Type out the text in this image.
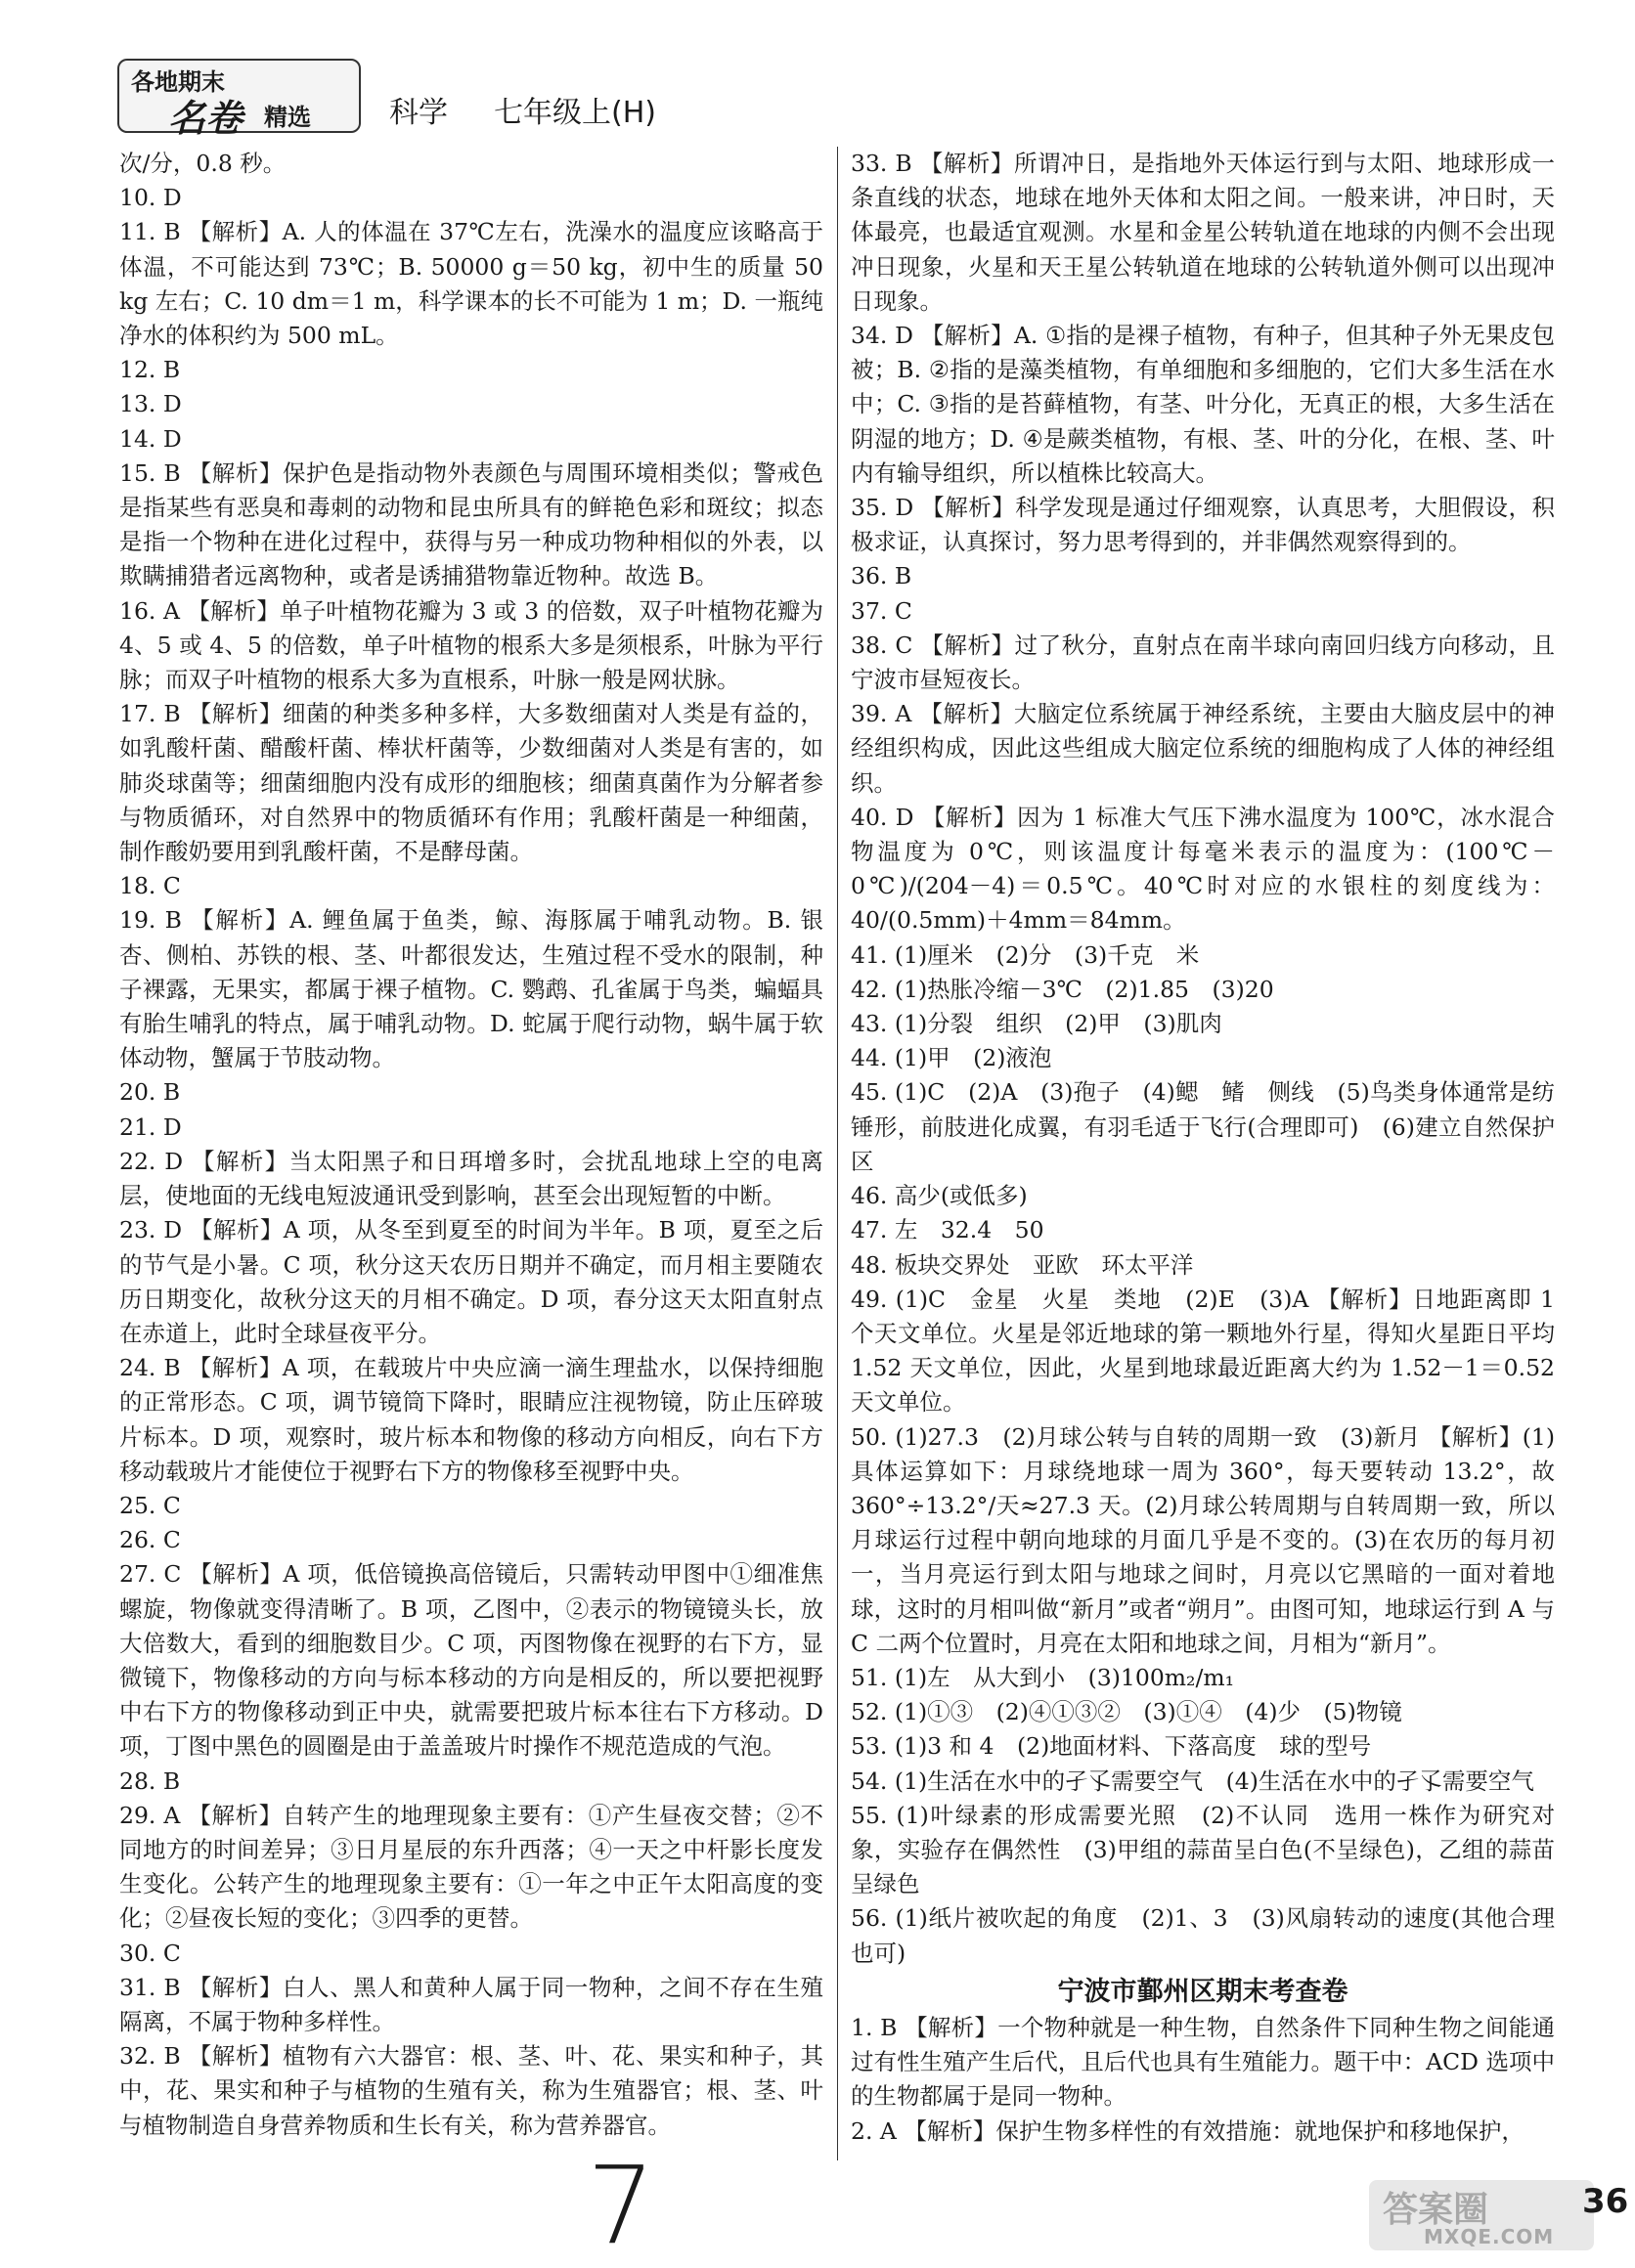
各地期末
名卷 精选	科学 七年级上(H)

次/分，0.8 秒。

10. D

11. B 【解析】A. 人的体温在 37℃左右，洗澡水的温度应该略高于体温，不可能达到 73℃；B. 50000 g＝50 kg，初中生的质量 50 kg 左右；C. 10 dm＝1 m，科学课本的长不可能为 1 m；D. 一瓶纯净水的体积约为 500 mL。

12. B

13. D

14. D

15. B 【解析】保护色是指动物外表颜色与周围环境相类似；警戒色是指某些有恶臭和毒刺的动物和昆虫所具有的鲜艳色彩和斑纹；拟态是指一个物种在进化过程中，获得与另一种成功物种相似的外表，以欺瞒捕猎者远离物种，或者是诱捕猎物靠近物种。故选 B。

16. A 【解析】单子叶植物花瓣为 3 或 3 的倍数，双子叶植物花瓣为 4、5 或 4、5 的倍数，单子叶植物的根系大多是须根系，叶脉为平行脉；而双子叶植物的根系大多为直根系，叶脉一般是网状脉。

17. B 【解析】细菌的种类多种多样，大多数细菌对人类是有益的，如乳酸杆菌、醋酸杆菌、棒状杆菌等，少数细菌对人类是有害的，如肺炎球菌等；细菌细胞内没有成形的细胞核；细菌真菌作为分解者参与物质循环，对自然界中的物质循环有作用；乳酸杆菌是一种细菌，制作酸奶要用到乳酸杆菌，不是酵母菌。

18. C

19. B 【解析】A. 鲤鱼属于鱼类，鲸、海豚属于哺乳动物。B. 银杏、侧柏、苏铁的根、茎、叶都很发达，生殖过程不受水的限制，种子裸露，无果实，都属于裸子植物。C. 鹦鹉、孔雀属于鸟类，蝙蝠具有胎生哺乳的特点，属于哺乳动物。D. 蛇属于爬行动物，蜗牛属于软体动物，蟹属于节肢动物。

20. B

21. D

22. D 【解析】当太阳黑子和日珥增多时，会扰乱地球上空的电离层，使地面的无线电短波通讯受到影响，甚至会出现短暂的中断。

23. D 【解析】A 项，从冬至到夏至的时间为半年。B 项，夏至之后的节气是小暑。C 项，秋分这天农历日期并不确定，而月相主要随农历日期变化，故秋分这天的月相不确定。D 项，春分这天太阳直射点在赤道上，此时全球昼夜平分。

24. B 【解析】A 项，在载玻片中央应滴一滴生理盐水，以保持细胞的正常形态。C 项，调节镜筒下降时，眼睛应注视物镜，防止压碎玻片标本。D 项，观察时，玻片标本和物像的移动方向相反，向右下方移动载玻片才能使位于视野右下方的物像移至视野中央。

25. C

26. C

27. C 【解析】A 项，低倍镜换高倍镜后，只需转动甲图中①细准焦螺旋，物像就变得清晰了。B 项，乙图中，②表示的物镜镜头长，放大倍数大，看到的细胞数目少。C 项，丙图物像在视野的右下方，显微镜下，物像移动的方向与标本移动的方向是相反的，所以要把视野中右下方的物像移动到正中央，就需要把玻片标本往右下方移动。D 项，丁图中黑色的圆圈是由于盖盖玻片时操作不规范造成的气泡。

28. B

29. A 【解析】自转产生的地理现象主要有：①产生昼夜交替；②不同地方的时间差异；③日月星辰的东升西落；④一天之中杆影长度发生变化。公转产生的地理现象主要有：①一年之中正午太阳高度的变化；②昼夜长短的变化；③四季的更替。

30. C

31. B 【解析】白人、黑人和黄种人属于同一物种，之间不存在生殖隔离，不属于物种多样性。

32. B 【解析】植物有六大器官：根、茎、叶、花、果实和种子，其中，花、果实和种子与植物的生殖有关，称为生殖器官；根、茎、叶与植物制造自身营养物质和生长有关，称为营养器官。

33. B 【解析】所谓冲日，是指地外天体运行到与太阳、地球形成一条直线的状态，地球在地外天体和太阳之间。一般来讲，冲日时，天体最亮，也最适宜观测。水星和金星公转轨道在地球的内侧不会出现冲日现象，火星和天王星公转轨道在地球的公转轨道外侧可以出现冲日现象。

34. D 【解析】A. ①指的是裸子植物，有种子，但其种子外无果皮包被；B. ②指的是藻类植物，有单细胞和多细胞的，它们大多生活在水中；C. ③指的是苔藓植物，有茎、叶分化，无真正的根，大多生活在阴湿的地方；D. ④是蕨类植物，有根、茎、叶的分化，在根、茎、叶内有输导组织，所以植株比较高大。

35. D 【解析】科学发现是通过仔细观察，认真思考，大胆假设，积极求证，认真探讨，努力思考得到的，并非偶然观察得到的。

36. B

37. C

38. C 【解析】过了秋分，直射点在南半球向南回归线方向移动，且宁波市昼短夜长。

39. A 【解析】大脑定位系统属于神经系统，主要由大脑皮层中的神经组织构成，因此这些组成大脑定位系统的细胞构成了人体的神经组织。

40. D 【解析】因为 1 标准大气压下沸水温度为 100℃，冰水混合物温度为 0℃，则该温度计每毫米表示的温度为：(100℃－0℃)/(204－4)＝0.5℃。40℃时对应的水银柱的刻度线为：40/(0.5mm)＋4mm＝84mm。

41. (1)厘米　(2)分　(3)千克　米

42. (1)热胀冷缩－3℃　(2)1.85　(3)20

43. (1)分裂　组织　(2)甲　(3)肌肉

44. (1)甲　(2)液泡

45. (1)C　(2)A　(3)孢子　(4)鳃　鳍　侧线　(5)鸟类身体通常是纺锤形，前肢进化成翼，有羽毛适于飞行(合理即可)　(6)建立自然保护区

46. 高少(或低多)

47. 左　32.4　50

48. 板块交界处　亚欧　环太平洋

49. (1)C　金星　火星　类地　(2)E　(3)A 【解析】日地距离即 1 个天文单位。火星是邻近地球的第一颗地外行星，得知火星距日平均 1.52 天文单位，因此，火星到地球最近距离大约为 1.52－1＝0.52 天文单位。

50. (1)27.3　(2)月球公转与自转的周期一致　(3)新月 【解析】(1)具体运算如下：月球绕地球一周为 360°，每天要转动 13.2°，故 360°÷13.2°/天≈27.3 天。(2)月球公转周期与自转周期一致，所以月球运行过程中朝向地球的月面几乎是不变的。(3)在农历的每月初一，当月亮运行到太阳与地球之间时，月亮以它黑暗的一面对着地球，这时的月相叫做“新月”或者“朔月”。由图可知，地球运行到 A 与 C 二两个位置时，月亮在太阳和地球之间，月相为“新月”。

51. (1)左　从大到小　(3)100m₂/m₁

52. (1)①③　(2)④①③②　(3)①④　(4)少　(5)物镜

53. (1)3 和 4　(2)地面材料、下落高度　球的型号

54. (1)生活在水中的孑孓需要空气　(4)生活在水中的孑孓需要空气

55. (1)叶绿素的形成需要光照　(2)不认同　选用一株作为研究对象，实验存在偶然性　(3)甲组的蒜苗呈白色(不呈绿色)，乙组的蒜苗呈绿色

56. (1)纸片被吹起的角度　(2)1、3　(3)风扇转动的速度(其他合理也可)

宁波市鄞州区期末考查卷

1. B 【解析】一个物种就是一种生物，自然条件下同种生物之间能通过有性生殖产生后代，且后代也具有生殖能力。题干中：ACD 选项中的生物都属于是同一物种。

2. A 【解析】保护生物多样性的有效措施：就地保护和移地保护，

7	答案圈
MXQE.COM
36
